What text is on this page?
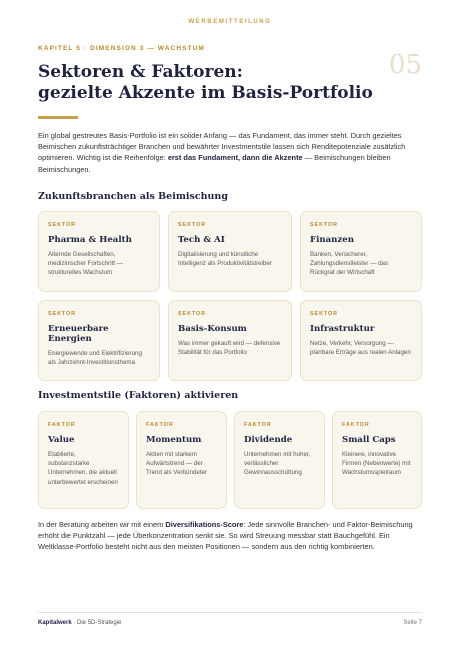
WERBEMITTEILUNG
KAPITEL 5 · DIMENSION 3 — WACHSTUM
05
Sektoren & Faktoren:
gezielte Akzente im Basis-Portfolio
Ein global gestreutes Basis-Portfolio ist ein solider Anfang — das Fundament, das immer steht. Durch gezieltes Beimischen zukunftsträchtiger Branchen und bewährter Investmentstile lassen sich Renditepotenziale zusätzlich optimieren. Wichtig ist die Reihenfolge: erst das Fundament, dann die Akzente — Beimischungen bleiben Beimischungen.
Zukunftsbranchen als Beimischung
SEKTOR
Pharma & Health
Alternde Gesellschaften, medizinischer Fortschritt — strukturelles Wachstum
SEKTOR
Tech & AI
Digitalisierung und künstliche Intelligenz als Produktivitätstreiber
SEKTOR
Finanzen
Banken, Versicherer, Zahlungsdienstleister — das Rückgrat der Wirtschaft
SEKTOR
Erneuerbare Energien
Energiewende und Elektrifizierung als Jahrzehnt-Investitionsthema
SEKTOR
Basis-Konsum
Was immer gekauft wird — defensive Stabilität für das Portfolio
SEKTOR
Infrastruktur
Netze, Verkehr, Versorgung — planbare Erträge aus realen Anlagen
Investmentstile (Faktoren) aktivieren
FAKTOR
Value
Etablierte, substanzstarke Unternehmen, die aktuell unterbewertet erscheinen
FAKTOR
Momentum
Aktien mit starkem Aufwärtstrend — der Trend als Verbündeter
FAKTOR
Dividende
Unternehmen mit hoher, verlässlicher Gewinnausschüttung
FAKTOR
Small Caps
Kleinere, innovative Firmen (Nebenwerte) mit Wachstumsspielraum
In der Beratung arbeiten wir mit einem Diversifikations-Score: Jede sinnvolle Branchen- und Faktor-Beimischung erhöht die Punktzahl — jede Überkonzentration senkt sie. So wird Streuung messbar statt Bauchgefühl. Ein Weltklasse-Portfolio besteht nicht aus den meisten Positionen — sondern aus den richtig kombinierten.
Kapitalwerk · Die 5D-Strategie	Seite 7
